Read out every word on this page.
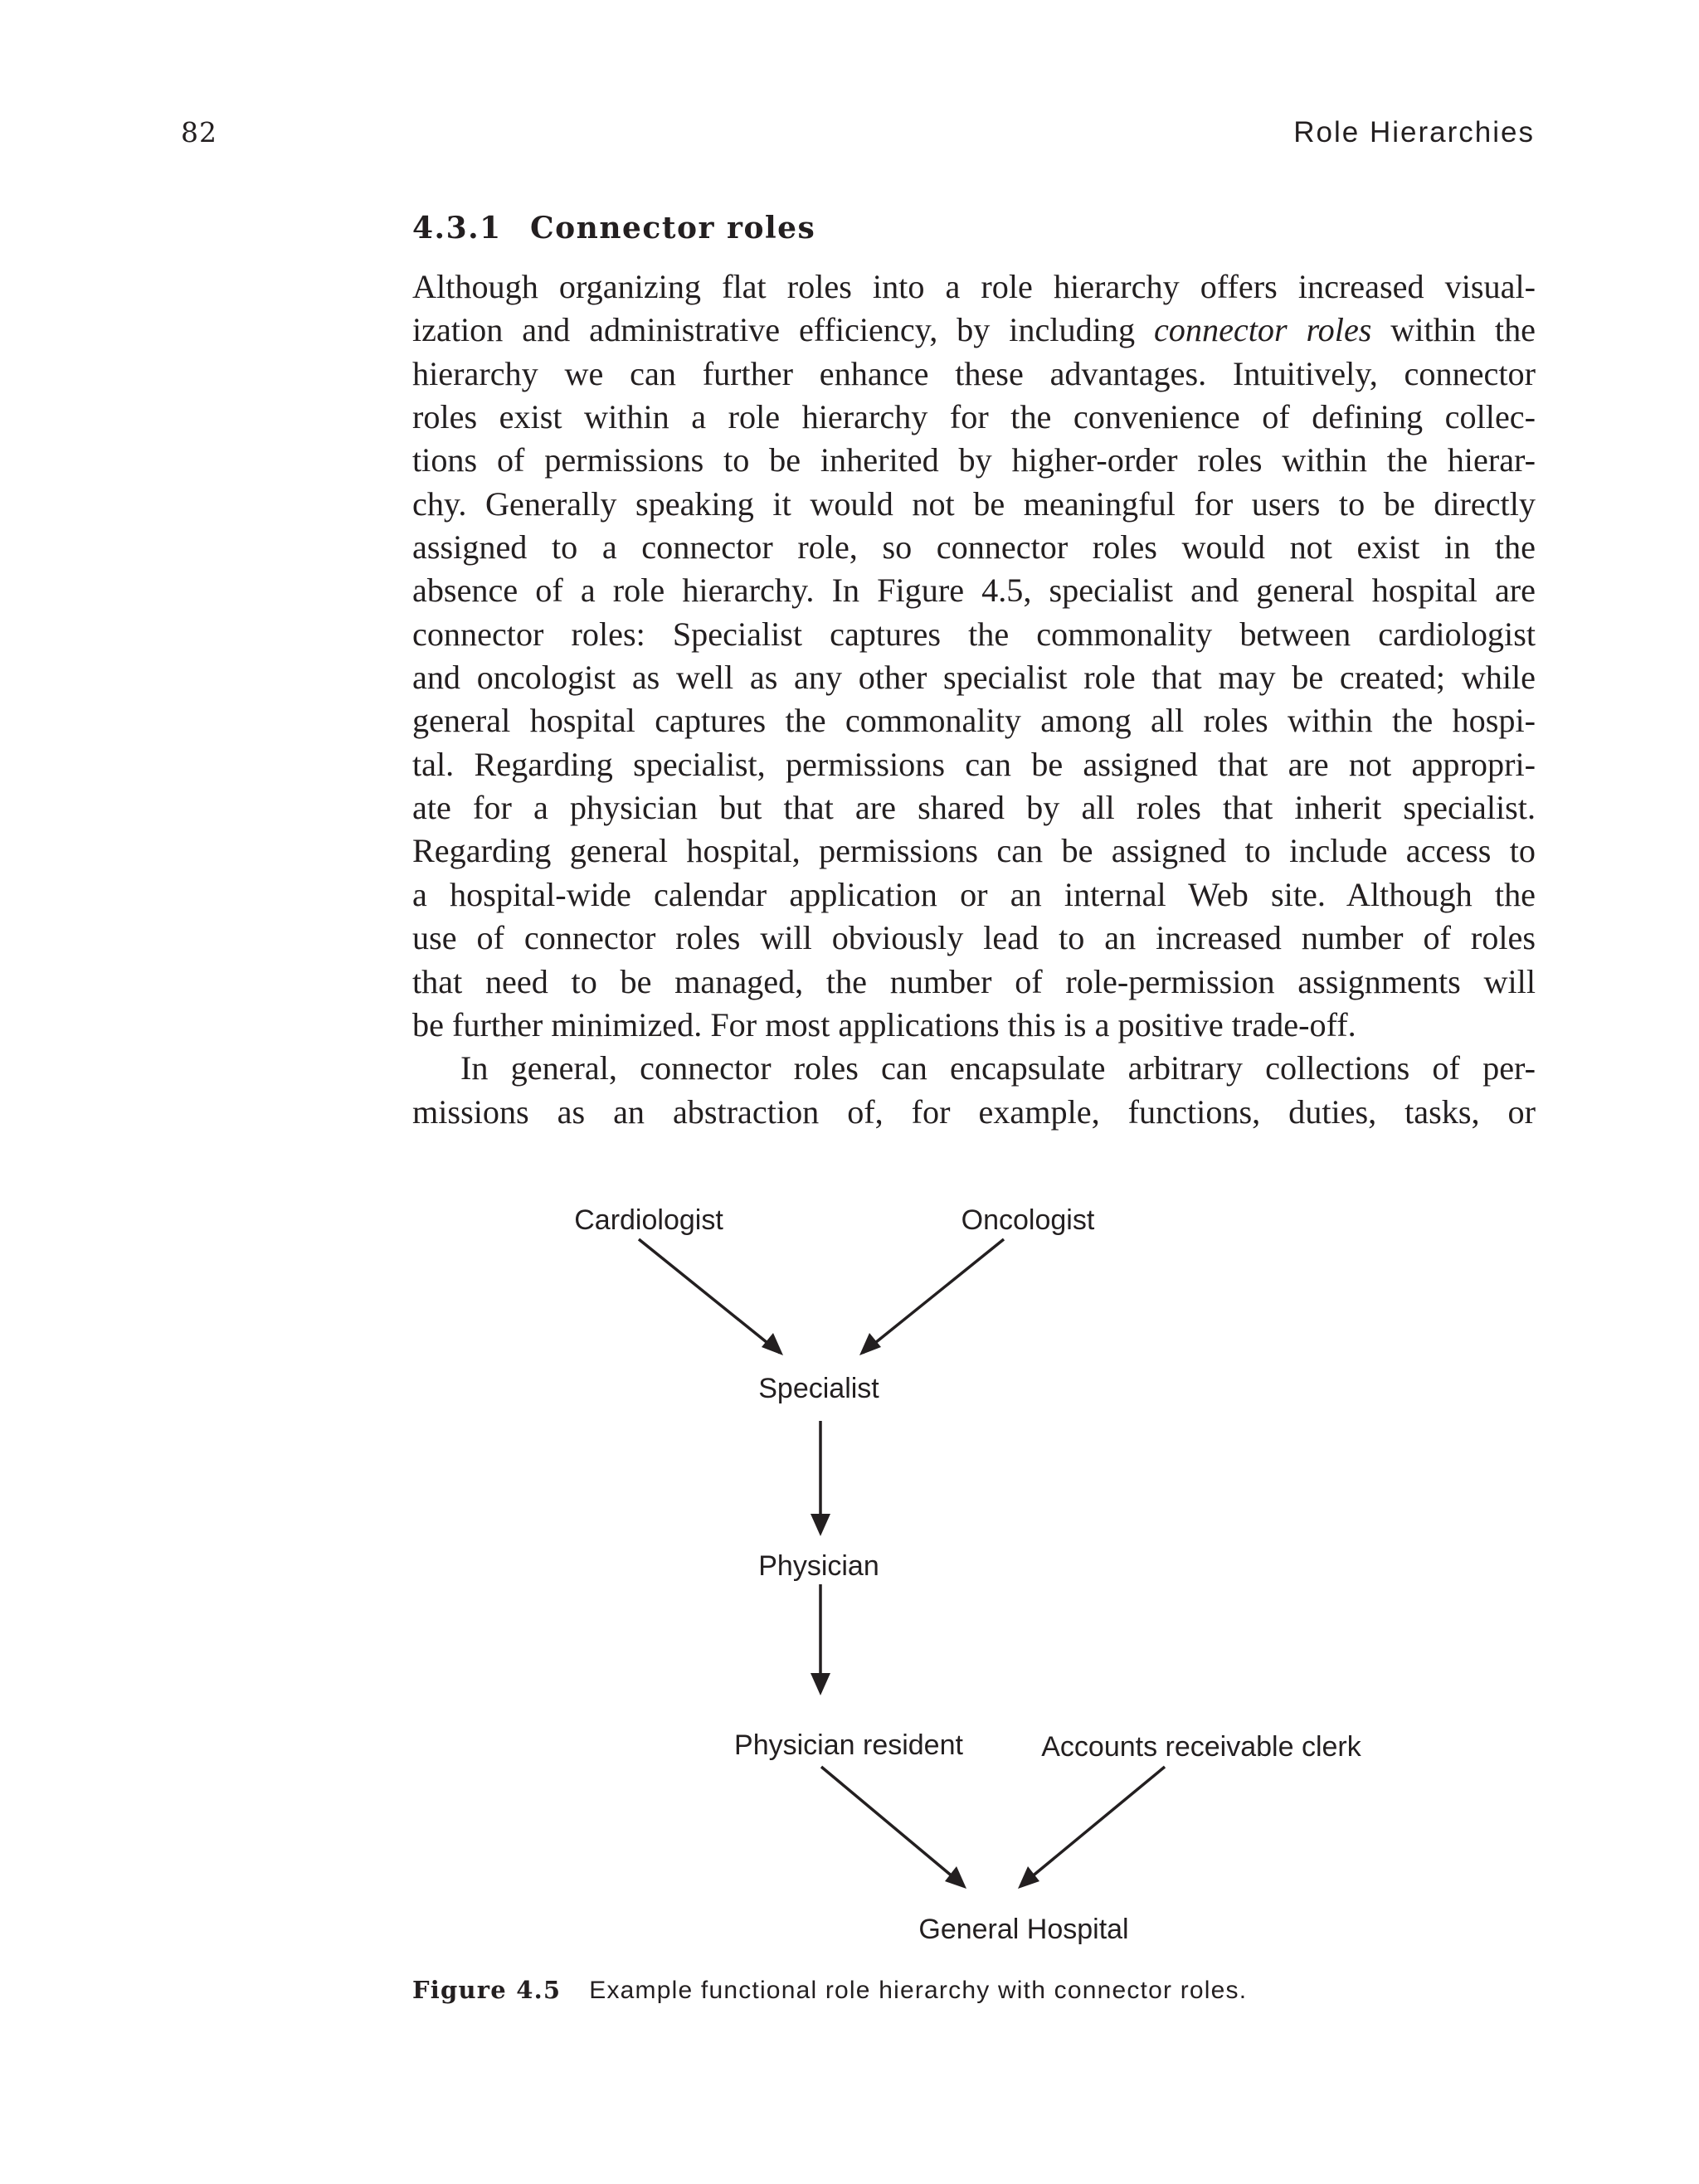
82	Role Hierarchies
4.3.1 Connector roles
Although organizing flat roles into a role hierarchy offers increased visual-
ization and administrative efficiency, by including connector roles within the
hierarchy we can further enhance these advantages. Intuitively, connector
roles exist within a role hierarchy for the convenience of defining collec-
tions of permissions to be inherited by higher-order roles within the hierar-
chy. Generally speaking it would not be meaningful for users to be directly
assigned to a connector role, so connector roles would not exist in the
absence of a role hierarchy. In Figure 4.5, specialist and general hospital are
connector roles: Specialist captures the commonality between cardiologist
and oncologist as well as any other specialist role that may be created; while
general hospital captures the commonality among all roles within the hospi-
tal. Regarding specialist, permissions can be assigned that are not appropri-
ate for a physician but that are shared by all roles that inherit specialist.
Regarding general hospital, permissions can be assigned to include access to
a hospital-wide calendar application or an internal Web site. Although the
use of connector roles will obviously lead to an increased number of roles
that need to be managed, the number of role-permission assignments will
be further minimized. For most applications this is a positive trade-off.
In general, connector roles can encapsulate arbitrary collections of per-
missions as an abstraction of, for example, functions, duties, tasks, or
Cardiologist	Oncologist
Specialist
Physician
Physician resident	Accounts receivable clerk
General Hospital
Figure 4.5 Example functional role hierarchy with connector roles.
